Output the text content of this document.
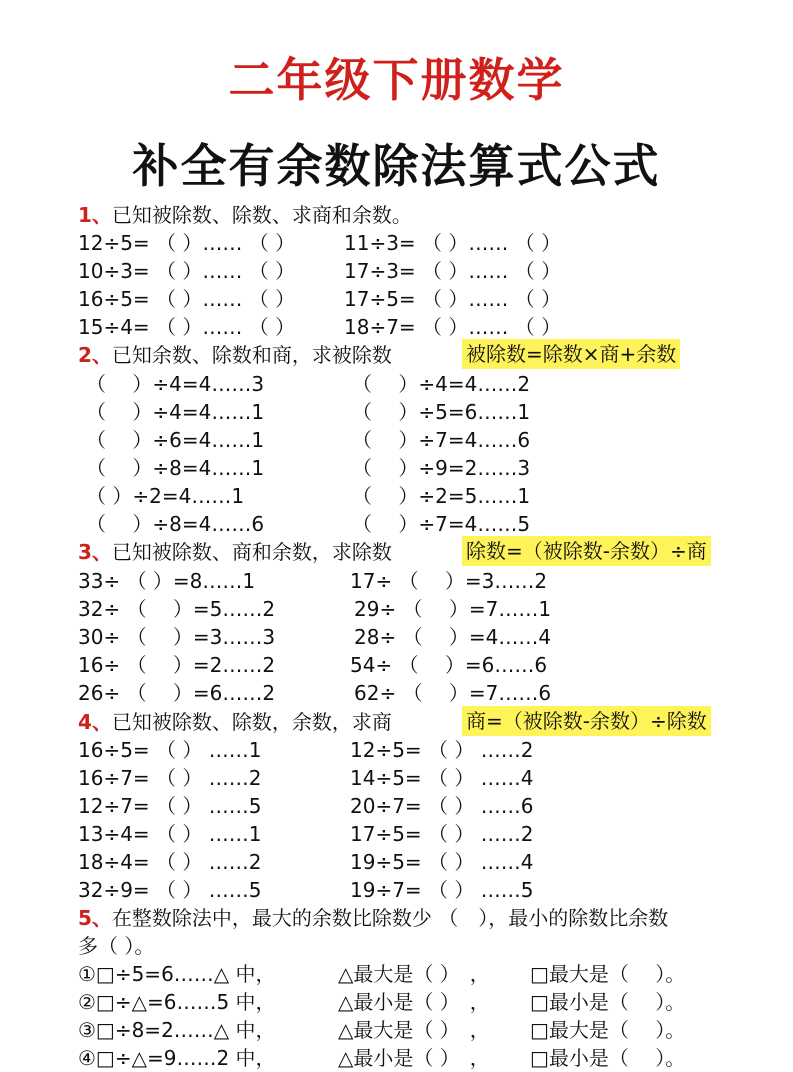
二年级下册数学
补全有余数除法算式公式
1、已知被除数、除数、求商和余数。
12÷5= （ ）…… （ ） 11÷3= （ ）…… （ ）
10÷3= （ ）…… （ ） 17÷3= （ ）…… （ ）
16÷5= （ ）…… （ ） 17÷5= （ ）…… （ ）
15÷4= （ ）…… （ ） 18÷7= （ ）…… （ ）
2、已知余数、除数和商，求被除数	被除数=除数×商+余数
（　 ）÷4=4……3	（　 ）÷4=4……2
（　 ）÷4=4……1	（　 ）÷5=6……1
（　 ）÷6=4……1	（　 ）÷7=4……6
（　 ）÷8=4……1	（　 ）÷9=2……3
（ ）÷2=4……1	（　 ）÷2=5……1
（　 ）÷8=4……6	（　 ）÷7=4……5
3、已知被除数、商和余数，求除数	除数=（被除数-余数）÷商
33÷ （ ）=8……1	17÷ （　 ）=3……2
32÷ （　 ）=5……2	29÷ （　 ）=7……1
30÷ （　 ）=3……3	28÷ （　 ）=4……4
16÷ （　 ）=2……2	54÷ （　 ）=6……6
26÷ （　 ）=6……2	62÷ （　 ）=7……6
4、已知被除数、除数，余数，求商	商=（被除数-余数）÷除数
16÷5= （ ） ……1	12÷5= （ ） ……2
16÷7= （ ） ……2	14÷5= （ ） ……4
12÷7= （ ） ……5	20÷7= （ ） ……6
13÷4= （ ） ……1	17÷5= （ ） ……2
18÷4= （ ） ……2	19÷5= （ ） ……4
32÷9= （ ） ……5	19÷7= （ ） ……5
5、在整数除法中，最大的余数比除数少 （　），最小的除数比余数
多（ ）。
①□÷5=6……△ 中，	△最大是（ ）　， □最大是（　 ）。
②□÷△=6……5 中，	△最小是（ ）　， □最小是（　 ）。
③□÷8=2……△ 中，	△最大是（ ）　， □最大是（　 ）。
④□÷△=9……2 中，	△最小是（ ）　， □最小是（　 ）。
